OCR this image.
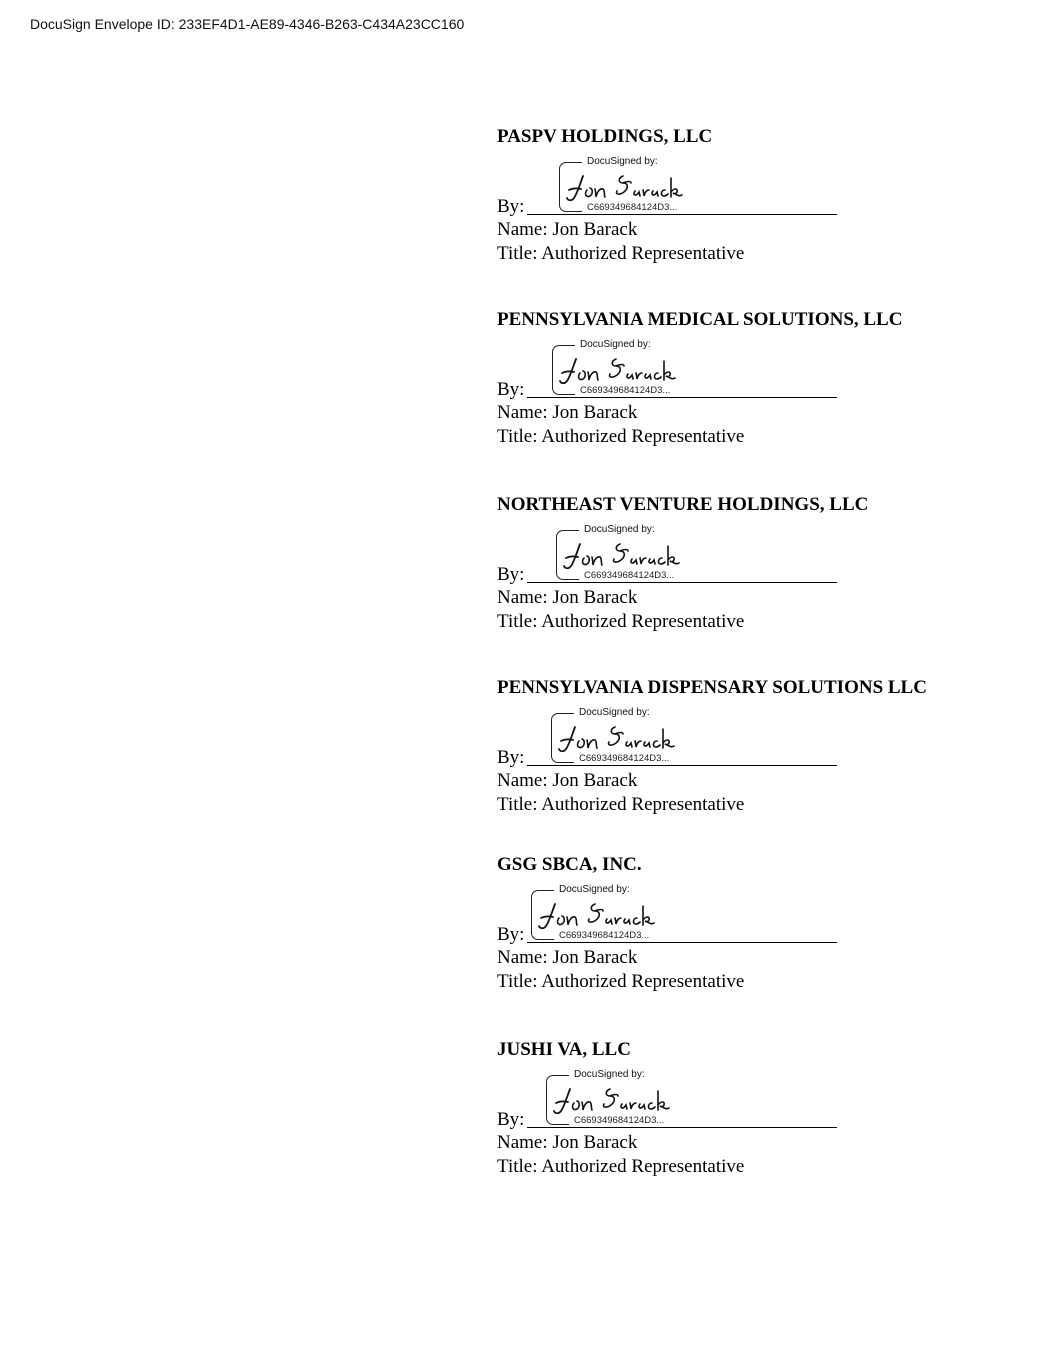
DocuSign Envelope ID: 233EF4D1-AE89-4346-B263-C434A23CC160
PASPV HOLDINGS, LLC
By:
DocuSigned by:
C669349684124D3...
Name: Jon Barack
Title: Authorized Representative
PENNSYLVANIA MEDICAL SOLUTIONS, LLC
By:
DocuSigned by:
C669349684124D3...
Name: Jon Barack
Title: Authorized Representative
NORTHEAST VENTURE HOLDINGS, LLC
By:
DocuSigned by:
C669349684124D3...
Name: Jon Barack
Title: Authorized Representative
PENNSYLVANIA DISPENSARY SOLUTIONS LLC
By:
DocuSigned by:
C669349684124D3...
Name: Jon Barack
Title: Authorized Representative
GSG SBCA, INC.
By:
DocuSigned by:
C669349684124D3...
Name: Jon Barack
Title: Authorized Representative
JUSHI VA, LLC
By:
DocuSigned by:
C669349684124D3...
Name: Jon Barack
Title: Authorized Representative
